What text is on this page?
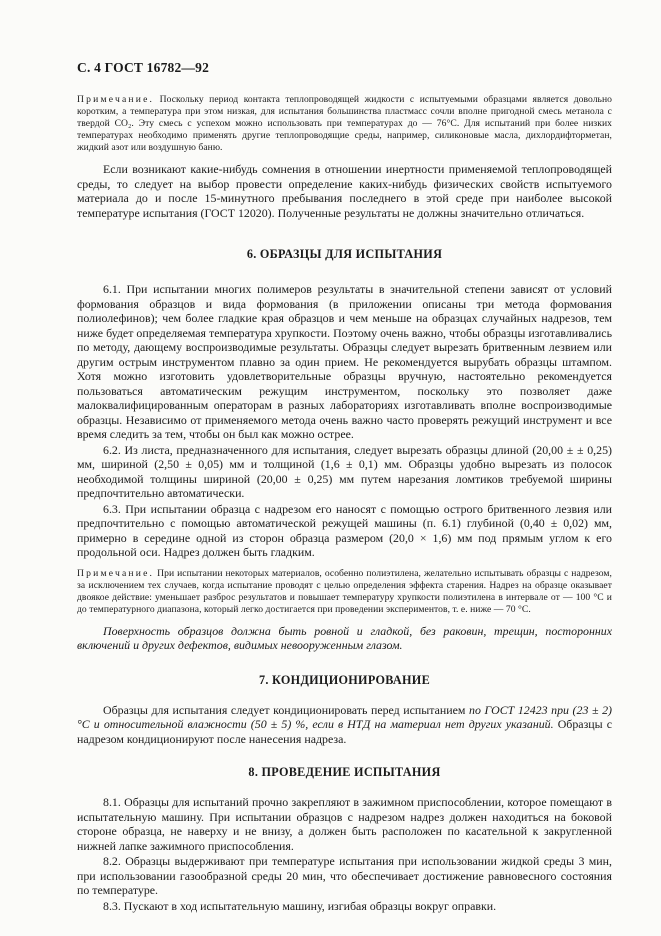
С. 4 ГОСТ 16782—92

Примечание. Поскольку период контакта теплопроводящей жидкости с испытуемыми образцами является довольно коротким, а температура при этом низкая, для испытания большинства пластмасс сочли вполне пригодной смесь метанола с твердой CO₂. Эту смесь с успехом можно использовать при температурах до — 76°С. Для испытаний при более низких температурах необходимо применять другие теплопроводящие среды, например, силиконовые масла, дихлордифторметан, жидкий азот или воздушную баню.

Если возникают какие-нибудь сомнения в отношении инертности применяемой теплопроводящей среды, то следует на выбор провести определение каких-нибудь физических свойств испытуемого материала до и после 15-минутного пребывания последнего в этой среде при наиболее высокой температуре испытания (ГОСТ 12020). Полученные результаты не должны значительно отличаться.

6. ОБРАЗЦЫ ДЛЯ ИСПЫТАНИЯ

6.1. При испытании многих полимеров результаты в значительной степени зависят от условий формования образцов и вида формования (в приложении описаны три метода формования полиолефинов); чем более гладкие края образцов и чем меньше на образцах случайных надрезов, тем ниже будет определяемая температура хрупкости. Поэтому очень важно, чтобы образцы изготавливались по методу, дающему воспроизводимые результаты. Образцы следует вырезать бритвенным лезвием или другим острым инструментом плавно за один прием. Не рекомендуется вырубать образцы штампом. Хотя можно изготовить удовлетворительные образцы вручную, настоятельно рекомендуется пользоваться автоматическим режущим инструментом, поскольку это позволяет даже малоквалифицированным операторам в разных лабораториях изготавливать вполне воспроизводимые образцы. Независимо от применяемого метода очень важно часто проверять режущий инструмент и все время следить за тем, чтобы он был как можно острее.

6.2. Из листа, предназначенного для испытания, следует вырезать образцы длиной (20,00 ± ± 0,25) мм, шириной (2,50 ± 0,05) мм и толщиной (1,6 ± 0,1) мм. Образцы удобно вырезать из полосок необходимой толщины шириной (20,00 ± 0,25) мм путем нарезания ломтиков требуемой ширины предпочтительно автоматически.

6.3. При испытании образца с надрезом его наносят с помощью острого бритвенного лезвия или предпочтительно с помощью автоматической режущей машины (п. 6.1) глубиной (0,40 ± 0,02) мм, примерно в середине одной из сторон образца размером (20,0 × 1,6) мм под прямым углом к его продольной оси. Надрез должен быть гладким.

Примечание. При испытании некоторых материалов, особенно полиэтилена, желательно испытывать образцы с надрезом, за исключением тех случаев, когда испытание проводят с целью определения эффекта старения. Надрез на образце оказывает двоякое действие: уменьшает разброс результатов и повышает температуру хрупкости полиэтилена в интервале от — 100 °С и до температурного диапазона, который легко достигается при проведении экспериментов, т. е. ниже — 70 °С.

Поверхность образцов должна быть ровной и гладкой, без раковин, трещин, посторонних включений и других дефектов, видимых невооруженным глазом.

7. КОНДИЦИОНИРОВАНИЕ

Образцы для испытания следует кондиционировать перед испытанием по ГОСТ 12423 при (23 ± 2) °С и относительной влажности (50 ± 5) %, если в НТД на материал нет других указаний. Образцы с надрезом кондиционируют после нанесения надреза.

8. ПРОВЕДЕНИЕ ИСПЫТАНИЯ

8.1. Образцы для испытаний прочно закрепляют в зажимном приспособлении, которое помещают в испытательную машину. При испытании образцов с надрезом надрез должен находиться на боковой стороне образца, не наверху и не внизу, а должен быть расположен по касательной к закругленной нижней лапке зажимного приспособления.

8.2. Образцы выдерживают при температуре испытания при использовании жидкой среды 3 мин, при использовании газообразной среды 20 мин, что обеспечивает достижение равновесного состояния по температуре.

8.3. Пускают в ход испытательную машину, изгибая образцы вокруг оправки.
